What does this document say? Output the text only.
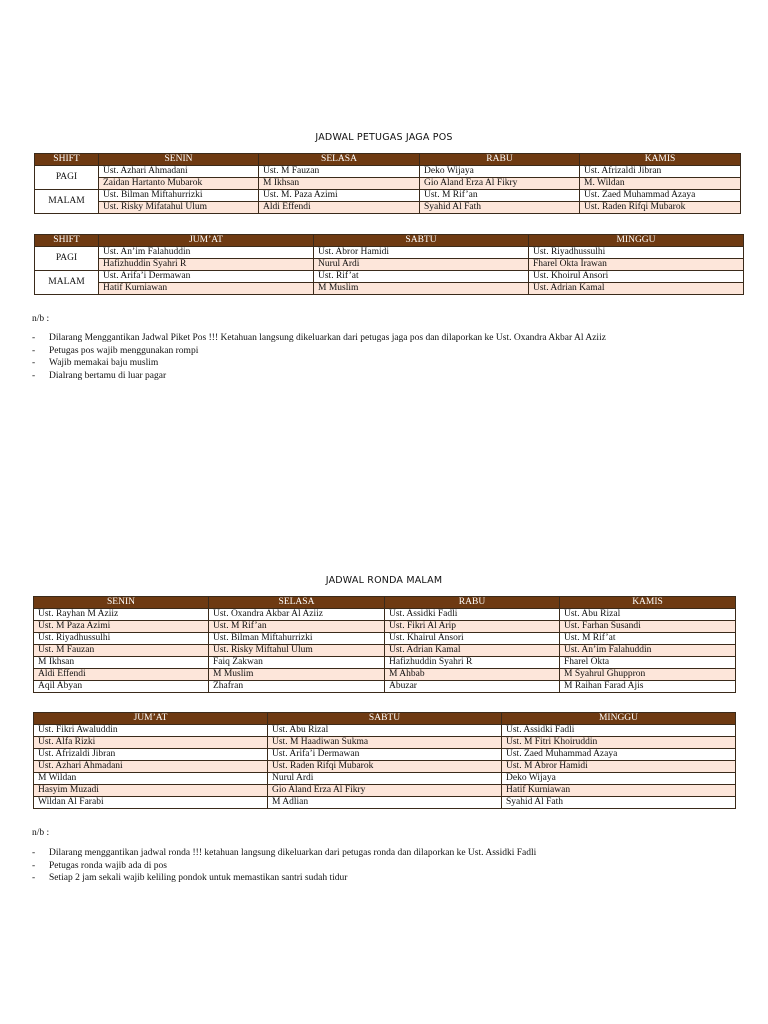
JADWAL PETUGAS JAGA POS
SHIFT	SENIN	SELASA	RABU	KAMIS
PAGI	Ust. Azhari Ahmadani	Ust. M Fauzan	Deko Wijaya	Ust. Afrizaldi Jibran
	Zaidan Hartanto Mubarok	M Ikhsan	Gio Aland Erza Al Fikry	M. Wildan
MALAM	Ust. Bilman Miftahurrizki	Ust. M. Paza Azimi	Ust. M Rif’an	Ust. Zaed Muhammad Azaya
	Ust. Risky Mifatahul Ulum	Aldi Effendi	Syahid Al Fath	Ust. Raden Rifqi Mubarok
SHIFT	JUM’AT	SABTU	MINGGU
PAGI	Ust. An’im Falahuddin	Ust. Abror Hamidi	Ust. Riyadhussulhi
	Hafizhuddin Syahri R	Nurul Ardi	Fharel Okta Irawan
MALAM	Ust. Arifa’i Dermawan	Ust. Rif’at	Ust. Khoirul Ansori
	Hatif Kurniawan	M Muslim	Ust. Adrian Kamal
n/b :
- Dilarang Menggantikan Jadwal Piket Pos !!! Ketahuan langsung dikeluarkan dari petugas jaga pos dan dilaporkan ke Ust. Oxandra Akbar Al Aziiz
- Petugas pos wajib menggunakan rompi
- Wajib memakai baju muslim
- Dialrang bertamu di luar pagar
JADWAL RONDA MALAM
SENIN	SELASA	RABU	KAMIS
Ust. Rayhan M Aziiz	Ust. Oxandra Akbar Al Aziiz	Ust. Assidki Fadli	Ust. Abu Rizal
Ust. M Paza Azimi	Ust. M Rif’an	Ust. Fikri Al Arip	Ust. Farhan Susandi
Ust. Riyadhussulhi	Ust. Bilman Miftahurrizki	Ust. Khairul Ansori	Ust. M Rif’at
Ust. M Fauzan	Ust. Risky Miftahul Ulum	Ust. Adrian Kamal	Ust. An’im Falahuddin
M Ikhsan	Faiq Zakwan	Hafizhuddin Syahri R	Fharel Okta
Aldi Effendi	M Muslim	M Ahbab	M Syahrul Ghuppron
Aqil Abyan	Zhafran	Abuzar	M Raihan Farad Ajis
JUM’AT	SABTU	MINGGU
Ust. Fikri Awaluddin	Ust. Abu Rizal	Ust. Assidki Fadli
Ust. Alfa Rizki	Ust. M Haadiwan Sukma	Ust. M Fitri Khoiruddin
Ust. Afrizaldi Jibran	Ust. Arifa’i Dermawan	Ust. Zaed Muhammad Azaya
Ust. Azhari Ahmadani	Ust. Raden Rifqi Mubarok	Ust. M Abror Hamidi
M Wildan	Nurul Ardi	Deko Wijaya
Hasyim Muzadi	Gio Aland Erza Al Fikry	Hatif Kurniawan
Wildan Al Farabi	M Adlian	Syahid Al Fath
n/b :
- Dilarang menggantikan jadwal ronda !!! ketahuan langsung dikeluarkan dari petugas ronda dan dilaporkan ke Ust. Assidki Fadli
- Petugas ronda wajib ada di pos
- Setiap 2 jam sekali wajib keliling pondok untuk memastikan santri sudah tidur
